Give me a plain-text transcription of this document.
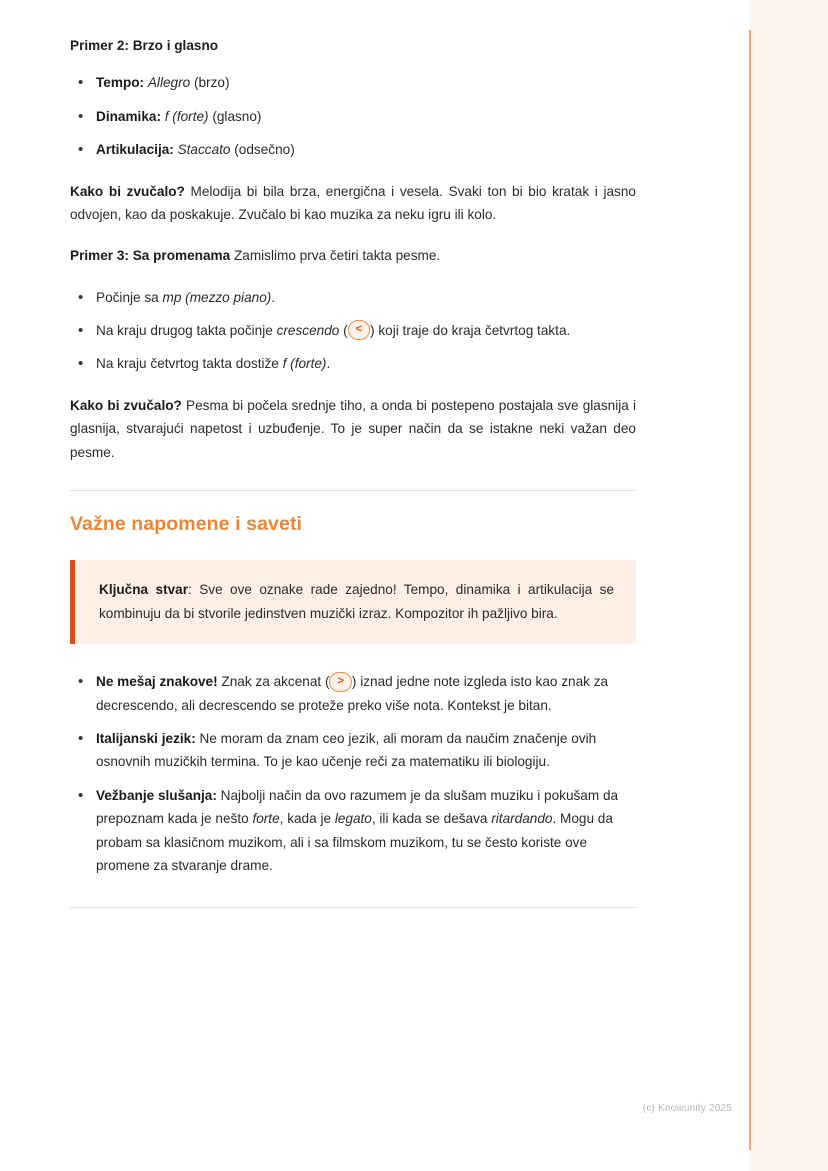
Primer 2: Brzo i glasno

• Tempo: Allegro (brzo)
• Dinamika: f (forte) (glasno)
• Artikulacija: Staccato (odsečno)

Kako bi zvučalo? Melodija bi bila brza, energična i vesela. Svaki ton bi bio kratak i jasno odvojen, kao da poskakuje. Zvučalo bi kao muzika za neku igru ili kolo.

Primer 3: Sa promenama Zamislimo prva četiri takta pesme.

• Počinje sa mp (mezzo piano).
• Na kraju drugog takta počinje crescendo ( < ) koji traje do kraja četvrtog takta.
• Na kraju četvrtog takta dostiže f (forte).

Kako bi zvučalo? Pesma bi počela srednje tiho, a onda bi postepeno postajala sve glasnija i glasnija, stvarajući napetost i uzbuđenje. To je super način da se istakne neki važan deo pesme.

Važne napomene i saveti

Ključna stvar: Sve ove oznake rade zajedno! Tempo, dinamika i artikulacija se kombinuju da bi stvorile jedinstven muzički izraz. Kompozitor ih pažljivo bira.

• Ne mešaj znakove! Znak za akcenat ( > ) iznad jedne note izgleda isto kao znak za decrescendo, ali decrescendo se proteže preko više nota. Kontekst je bitan.
• Italijanski jezik: Ne moram da znam ceo jezik, ali moram da naučim značenje ovih osnovnih muzičkih termina. To je kao učenje reči za matematiku ili biologiju.
• Vežbanje slušanja: Najbolji način da ovo razumem je da slušam muziku i pokušam da prepoznam kada je nešto forte, kada je legato, ili kada se dešava ritardando. Mogu da probam sa klasičnom muzikom, ali i sa filmskom muzikom, tu se često koriste ove promene za stvaranje drame.
(c) Knowunity 2025
